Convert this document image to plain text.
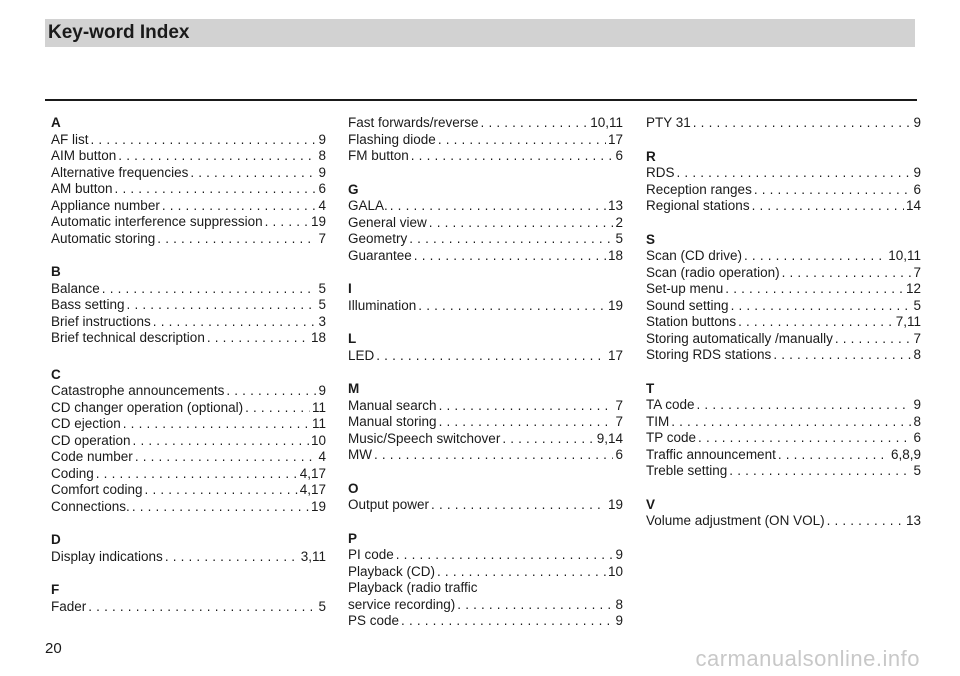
Key-word Index
A
AF list . . .	9
AIM button . . .	8
Alternative frequencies . . .	9
AM button . . .	6
Appliance number . . .	4
Automatic interference suppression . . .	19
Automatic storing . . .	7
B
Balance . . .	5
Bass setting . . .	5
Brief instructions . . .	3
Brief technical description . . .	18
C
Catastrophe announcements . . .	9
CD changer operation (optional) . . .	11
CD ejection . . .	11
CD operation . . .	10
Code number . . .	4
Coding . . .	4,17
Comfort coding . . .	4,17
Connections. . . .	19
D
Display indications . . .	3,11
F
Fader . . .	5
Fast forwards/reverse . . .	10,11
Flashing diode . . .	17
FM button . . .	6
G
GALA. . . .	13
General view . . .	2
Geometry . . .	5
Guarantee . . .	18
I
Illumination . . .	19
L
LED . . .	17
M
Manual search . . .	7
Manual storing . . .	7
Music/Speech switchover . . .	9,14
MW . . .	6
O
Output power . . .	19
P
PI code . . .	9
Playback (CD) . . .	10
Playback (radio traffic
service recording) . . .	8
PS code . . .	9
PTY 31 . . .	9
R
RDS . . .	9
Reception ranges . . .	6
Regional stations . . .	14
S
Scan (CD drive) . . .	10,11
Scan (radio operation) . . .	7
Set-up menu . . .	12
Sound setting . . .	5
Station buttons . . .	7,11
Storing automatically /manually . . .	7
Storing RDS stations . . .	8
T
TA code . . .	9
TIM . . .	8
TP code . . .	6
Traffic announcement . . .	6,8,9
Treble setting . . .	5
V
Volume adjustment (ON VOL) . . .	13
20	carmanualsonline.info
